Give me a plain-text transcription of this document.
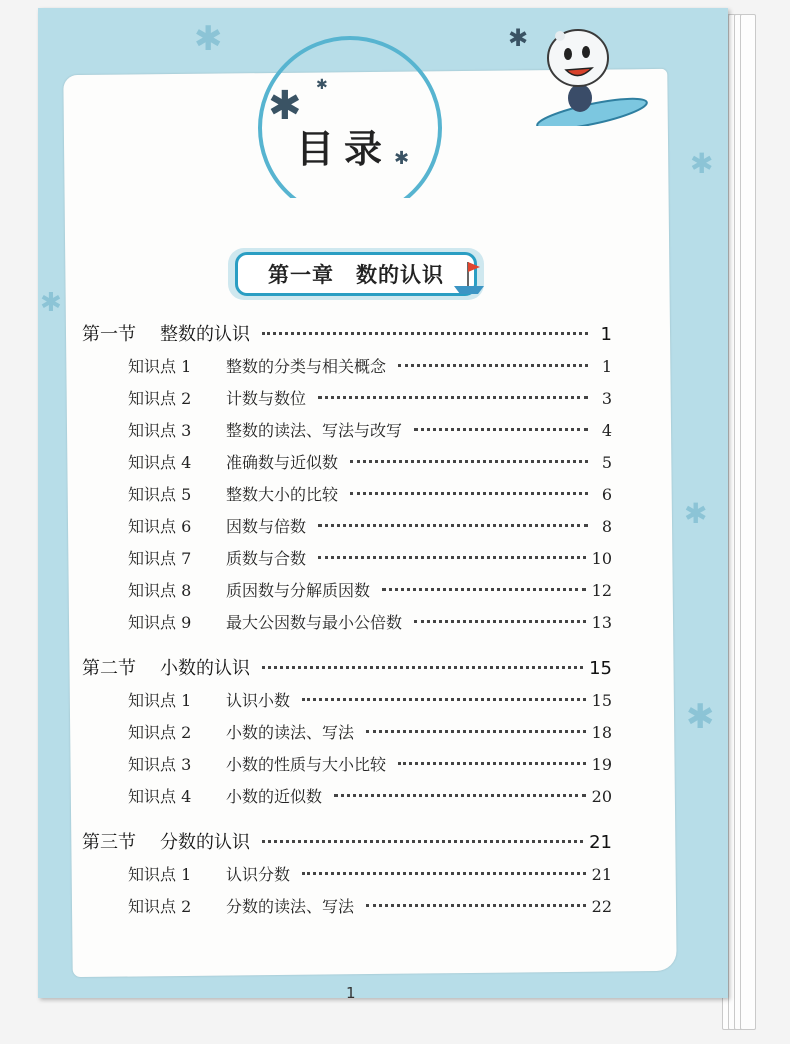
✱
✱
✱
✱
✱
✱
✱
✱
✱
目录
第一章　数的认识
第一节	整数的认识	1
知识点 1	整数的分类与相关概念	1
知识点 2	计数与数位	3
知识点 3	整数的读法、写法与改写	4
知识点 4	准确数与近似数	5
知识点 5	整数大小的比较	6
知识点 6	因数与倍数	8
知识点 7	质数与合数	10
知识点 8	质因数与分解质因数	12
知识点 9	最大公因数与最小公倍数	13
第二节	小数的认识	15
知识点 1	认识小数	15
知识点 2	小数的读法、写法	18
知识点 3	小数的性质与大小比较	19
知识点 4	小数的近似数	20
第三节	分数的认识	21
知识点 1	认识分数	21
知识点 2	分数的读法、写法	22
1
